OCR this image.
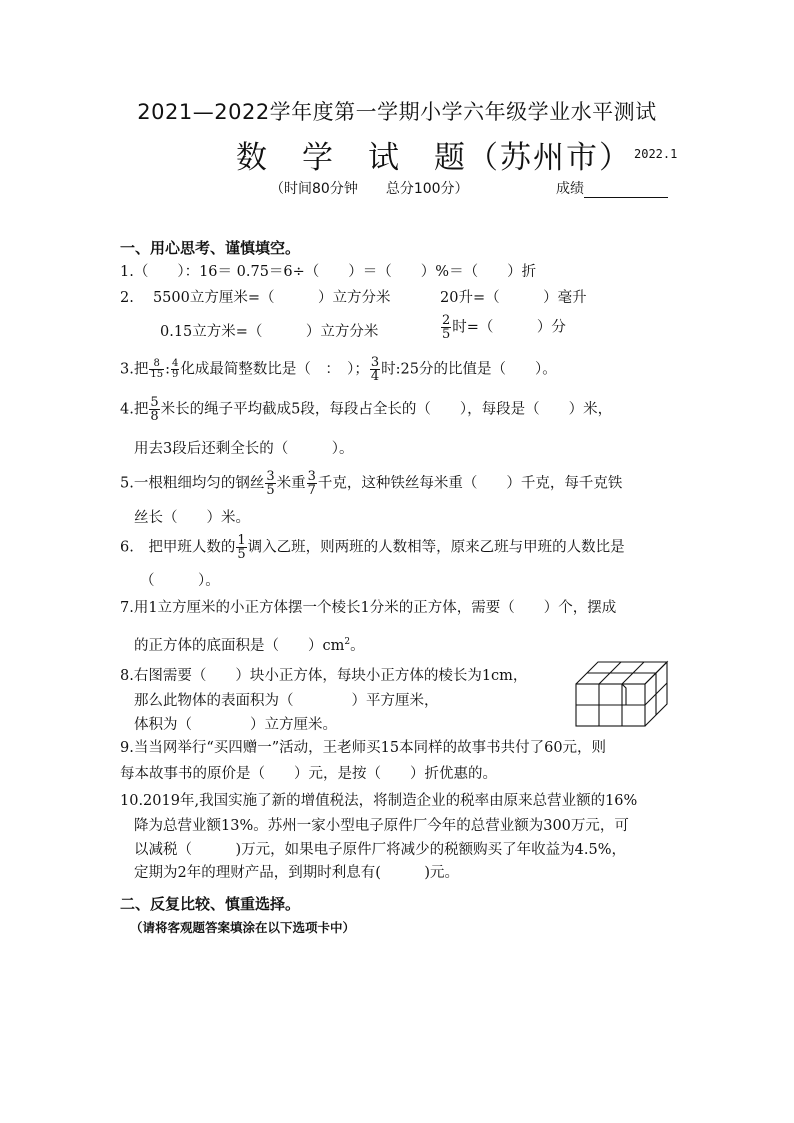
2021—2022学年度第一学期小学六年级学业水平测试
数　学　试　题（苏州市） 2022.1
（时间80分钟　　总分100分）	成绩
一、用心思考、谨慎填空。
1.（　　）：16＝ 0.75＝6÷（　　）＝（　　）%＝（　　）折
2.　 5500立方厘米=（　　　）立方分米	20升=（　　　）毫升
0.15立方米=（　　　）立方分米	$\frac{2}{5}$ 时=（　　　）分
3.把 $\frac{8}{15}$ : $\frac{4}{9}$ 化成最简整数比是（　：　）； $\frac{3}{4}$ 时:25分的比值是（　　）。
4.把 $\frac{5}{8}$ 米长的绳子平均截成5段，每段占全长的（　　），每段是（　　）米，
用去3段后还剩全长的（　　　）。
5.一根粗细均匀的钢丝 $\frac{3}{5}$ 米重 $\frac{3}{7}$ 千克，这种铁丝每米重（　　）千克，每千克铁
丝长（　　）米。
6.　把甲班人数的 $\frac{1}{5}$ 调入乙班，则两班的人数相等，原来乙班与甲班的人数比是
（　　　）。
7.用1立方厘米的小正方体摆一个棱长1分米的正方体，需要（　　）个，摆成
的正方体的底面积是（　　）$cm^2$。
8.右图需要（　　）块小正方体，每块小正方体的棱长为1cm，
那么此物体的表面积为（　　　　）平方厘米，
体积为（　　　　）立方厘米。
9.当当网举行“买四赠一”活动，王老师买15本同样的故事书共付了60元，则
每本故事书的原价是（　　）元，是按（　　）折优惠的。
10.2019年,我国实施了新的增值税法，将制造企业的税率由原来总营业额的16%
降为总营业额13%。苏州一家小型电子原件厂今年的总营业额为300万元，可
以减税（　　　)万元，如果电子原件厂将减少的税额购买了年收益为4.5%，
定期为2年的理财产品，到期时利息有(　　　)元。
二、反复比较、慎重选择。
（请将客观题答案填涂在以下选项卡中）
